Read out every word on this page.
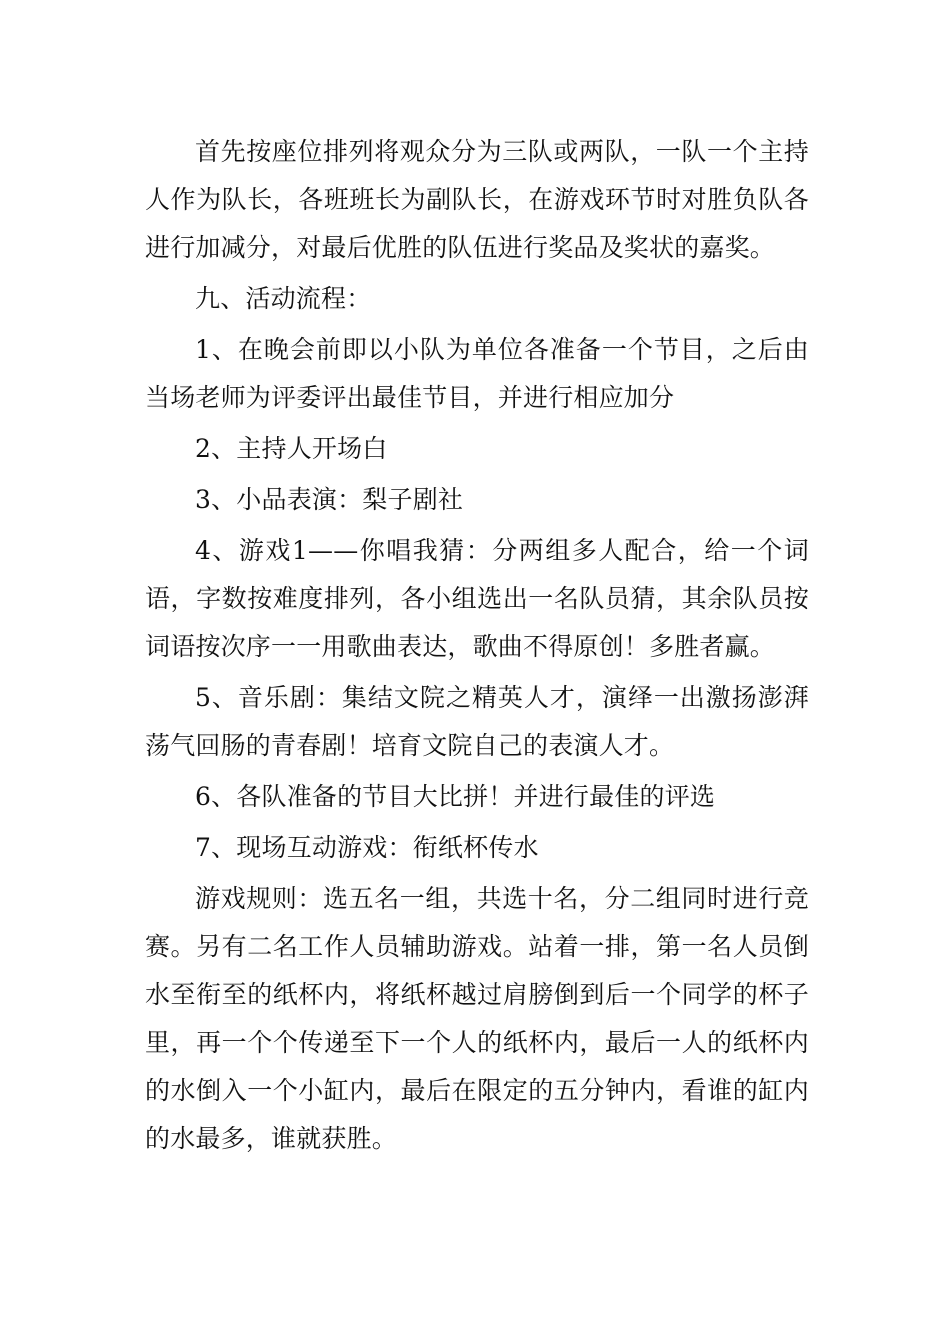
首先按座位排列将观众分为三队或两队，一队一个主持人作为队长，各班班长为副队长，在游戏环节时对胜负队各进行加减分，对最后优胜的队伍进行奖品及奖状的嘉奖。

九、活动流程：

1、在晚会前即以小队为单位各准备一个节目，之后由当场老师为评委评出最佳节目，并进行相应加分

2、主持人开场白

3、小品表演：梨子剧社

4、游戏1——你唱我猜：分两组多人配合，给一个词语，字数按难度排列，各小组选出一名队员猜，其余队员按词语按次序一一用歌曲表达，歌曲不得原创！多胜者赢。

5、音乐剧：集结文院之精英人才，演绎一出激扬澎湃荡气回肠的青春剧！培育文院自己的表演人才。

6、各队准备的节目大比拼！并进行最佳的评选

7、现场互动游戏：衔纸杯传水

游戏规则：选五名一组，共选十名，分二组同时进行竞赛。另有二名工作人员辅助游戏。站着一排，第一名人员倒水至衔至的纸杯内，将纸杯越过肩膀倒到后一个同学的杯子里，再一个个传递至下一个人的纸杯内，最后一人的纸杯内的水倒入一个小缸内，最后在限定的五分钟内，看谁的缸内的水最多，谁就获胜。
